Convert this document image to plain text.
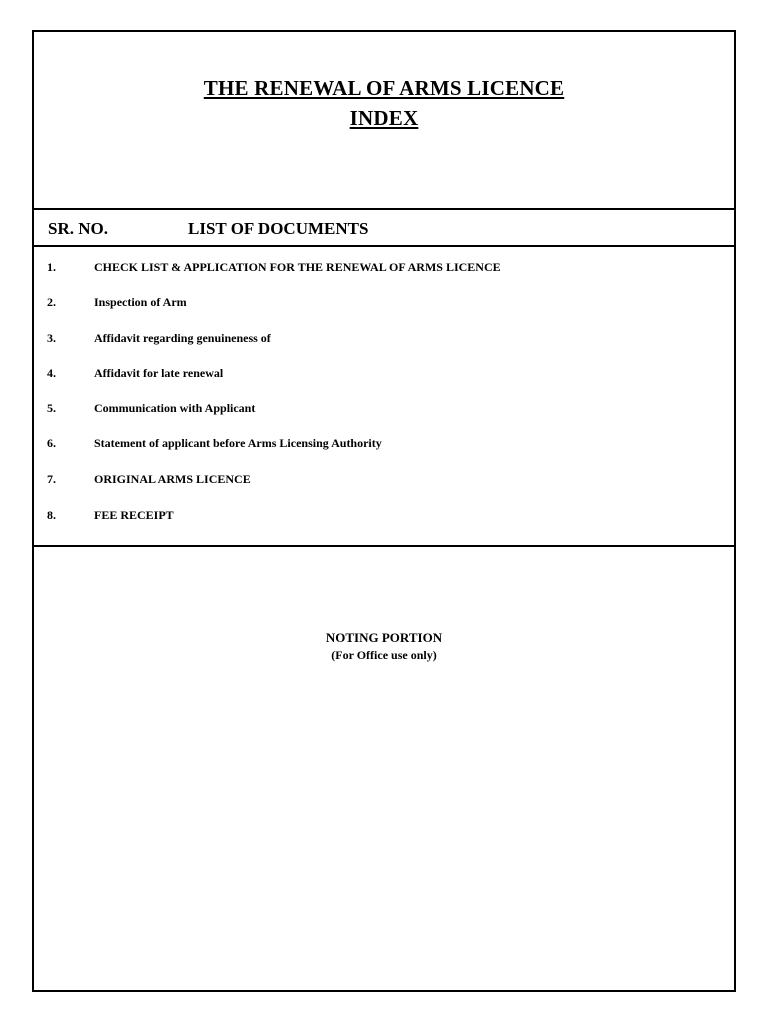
THE RENEWAL OF ARMS LICENCE
INDEX
SR. NO.	LIST OF DOCUMENTS
1.	CHECK LIST & APPLICATION FOR THE RENEWAL OF ARMS LICENCE
2.	Inspection of Arm
3.	Affidavit regarding genuineness of
4.	Affidavit for late renewal
5.	Communication with Applicant
6.	Statement of applicant before Arms Licensing Authority
7.	ORIGINAL ARMS LICENCE
8.	FEE RECEIPT
NOTING PORTION
(For Office use only)
